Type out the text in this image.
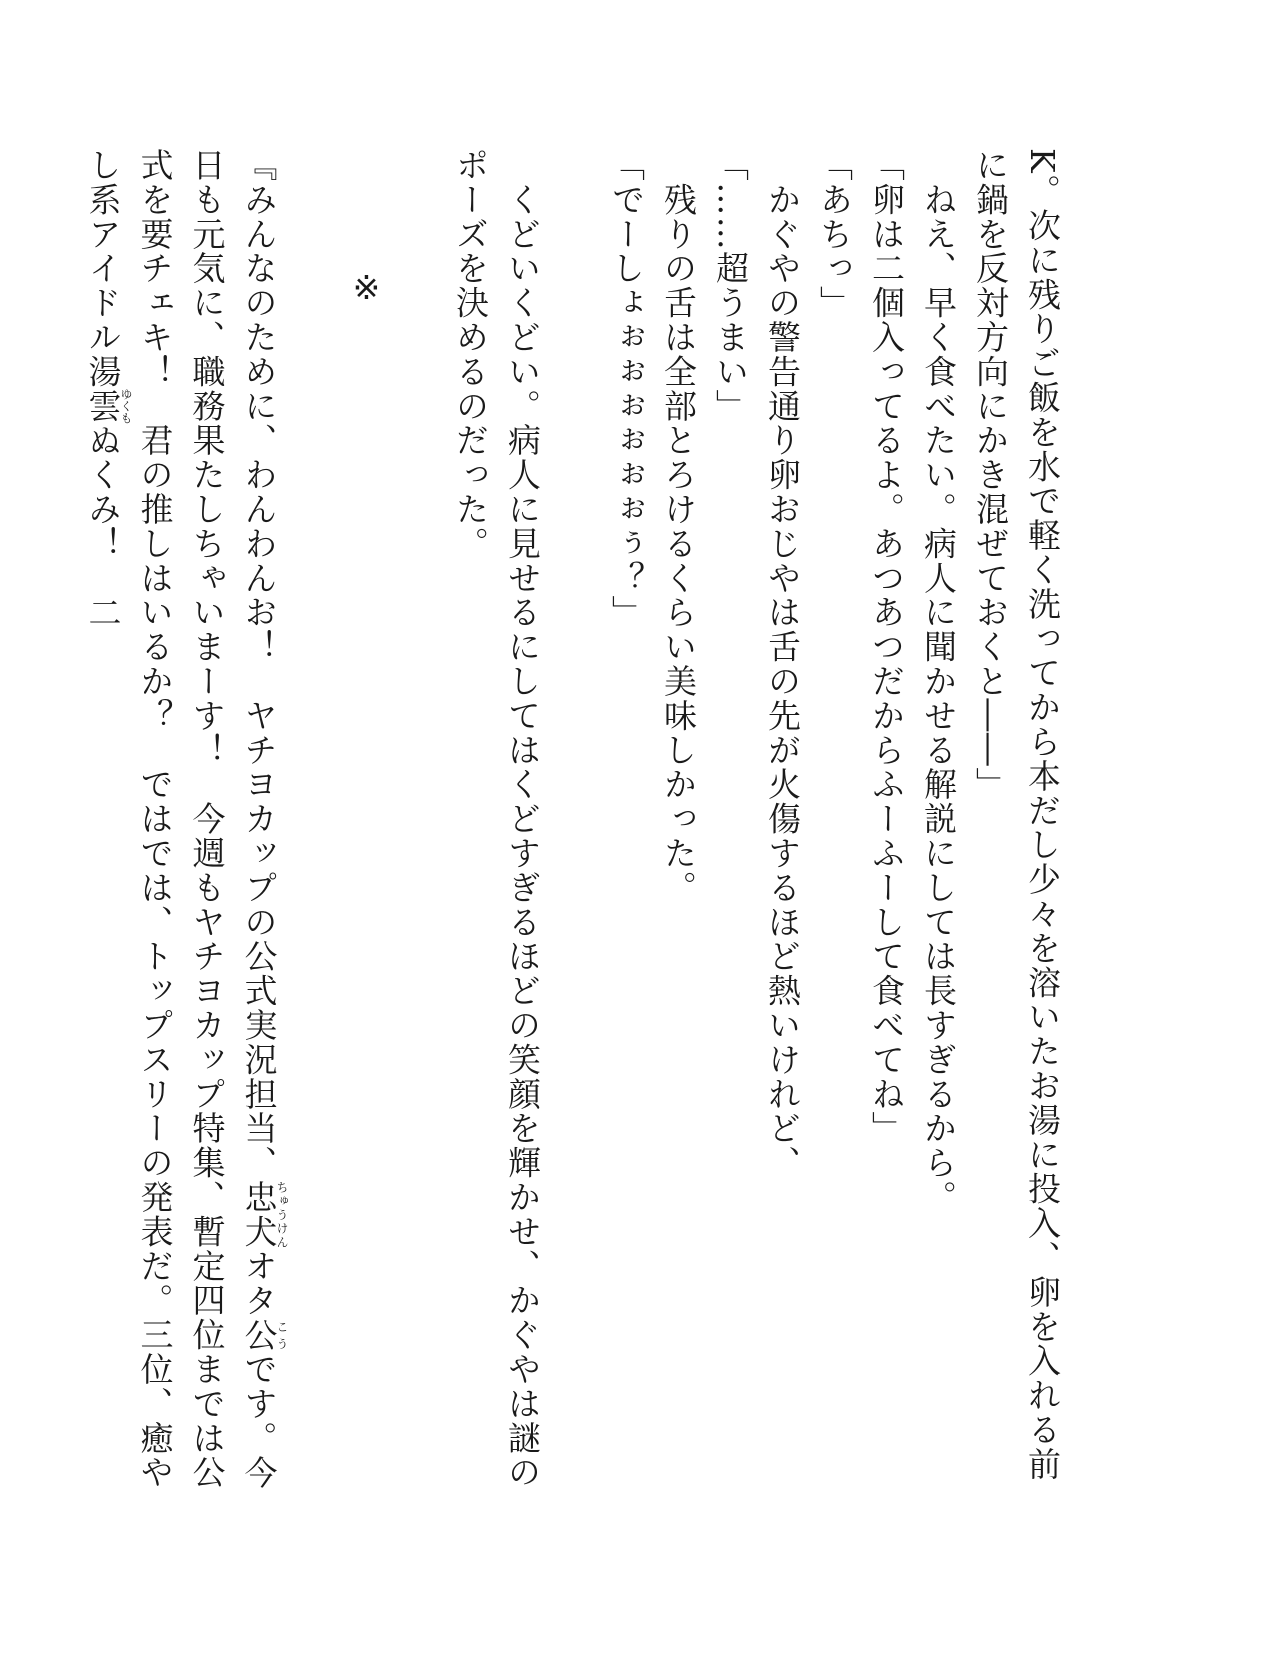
K。次に残りご飯を水で軽く洗ってから本だし少々を溶いたお湯に投入、卵を入れる前に鍋を反対方向にかき混ぜておくと――」

　ねえ、早く食べたい。病人に聞かせる解説にしては長すぎるから。

「卵は二個入ってるよ。あつあつだからふーふーして食べてね」

「あちっ」

　かぐやの警告通り卵おじやは舌の先が火傷するほど熱いけれど、

「……超うまい」

　残りの舌は全部とろけるくらい美味しかった。

「でーしょぉぉぉぉぉぉぅ？」

　くどいくどい。病人に見せるにしてはくどすぎるほどの笑顔を輝かせ、かぐやは謎のポーズを決めるのだった。

※

『みんなのために、わんわんお！　ヤチヨカップの公式実況担当、忠犬ちゅうけんオタ公こうです。今日も元気に、職務果たしちゃいまーす！　今週もヤチヨカップ特集、暫定四位までは公式を要チェキ！　君の推しはいるか？　ではでは、トップスリーの発表だ。三位、癒やし系アイドル湯雲ゆくもぬくみ！　二
